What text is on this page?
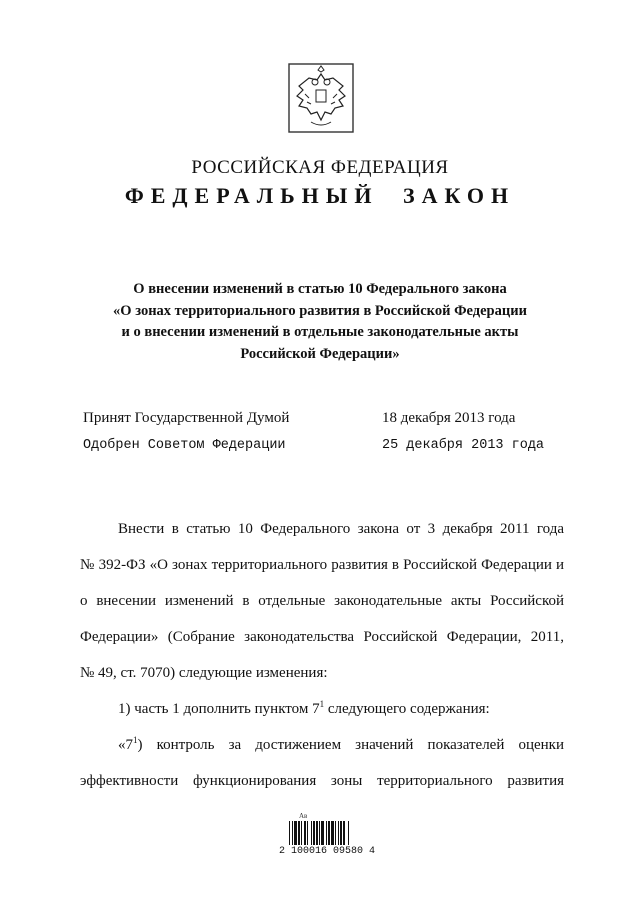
РОССИЙСКАЯ ФЕДЕРАЦИЯ
ФЕДЕРАЛЬНЫЙ ЗАКОН
О внесении изменений в статью 10 Федерального закона
«О зонах территориального развития в Российской Федерации
и о внесении изменений в отдельные законодательные акты
Российской Федерации»
Принят Государственной Думой	18 декабря 2013 года
Одобрен Советом Федерации	25 декабря 2013 года
Внести в статью 10 Федерального закона от 3 декабря 2011 года
№ 392-ФЗ «О зонах территориального развития в Российской Федерации и
о внесении изменений в отдельные законодательные акты Российской
Федерации» (Собрание законодательства Российской Федерации, 2011,
№ 49, ст. 7070) следующие изменения:
1) часть 1 дополнить пунктом $7^1$ следующего содержания:
«$7^1$) контроль за достижением значений показателей оценки
эффективности функционирования зоны территориального развития
Ав
2 100016 09580 4
